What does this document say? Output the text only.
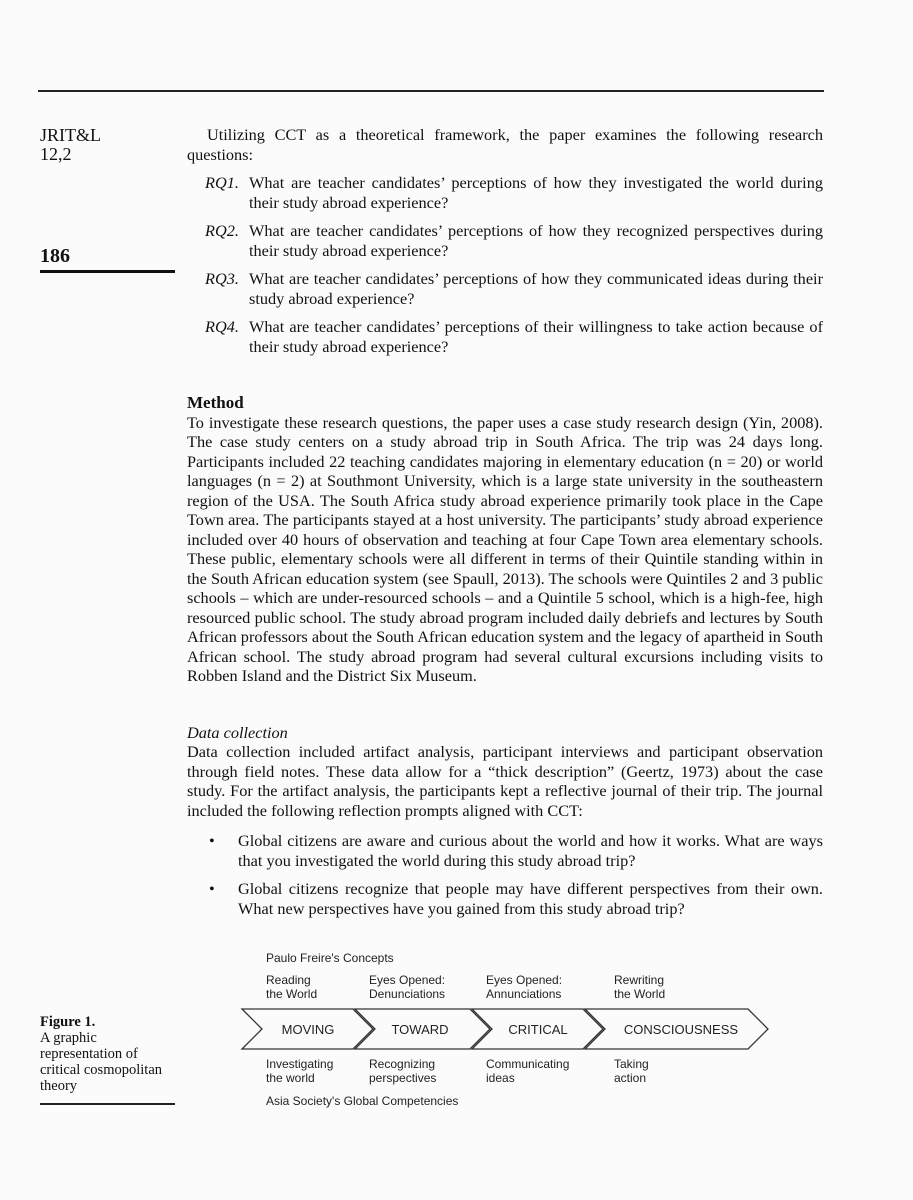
JRIT&L
12,2
186

Utilizing CCT as a theoretical framework, the paper examines the following research questions:

RQ1. What are teacher candidates’ perceptions of how they investigated the world during their study abroad experience?
RQ2. What are teacher candidates’ perceptions of how they recognized perspectives during their study abroad experience?
RQ3. What are teacher candidates’ perceptions of how they communicated ideas during their study abroad experience?
RQ4. What are teacher candidates’ perceptions of their willingness to take action because of their study abroad experience?
Method

To investigate these research questions, the paper uses a case study research design (Yin, 2008). The case study centers on a study abroad trip in South Africa. The trip was 24 days long. Participants included 22 teaching candidates majoring in elementary education (n = 20) or world languages (n = 2) at Southmont University, which is a large state university in the southeastern region of the USA. The South Africa study abroad experience primarily took place in the Cape Town area. The participants stayed at a host university. The participants’ study abroad experience included over 40 hours of observation and teaching at four Cape Town area elementary schools. These public, elementary schools were all different in terms of their Quintile standing within in the South African education system (see Spaull, 2013). The schools were Quintiles 2 and 3 public schools – which are under-resourced schools – and a Quintile 5 school, which is a high-fee, high resourced public school. The study abroad program included daily debriefs and lectures by South African professors about the South African education system and the legacy of apartheid in South African school. The study abroad program had several cultural excursions including visits to Robben Island and the District Six Museum.

Data collection

Data collection included artifact analysis, participant interviews and participant observation through field notes. These data allow for a “thick description” (Geertz, 1973) about the case study. For the artifact analysis, the participants kept a reflective journal of their trip. The journal included the following reflection prompts aligned with CCT:

•	Global citizens are aware and curious about the world and how it works. What are ways that you investigated the world during this study abroad trip?
•	Global citizens recognize that people may have different perspectives from their own. What new perspectives have you gained from this study abroad trip?
Paulo Freire's Concepts
Reading
the World
Eyes Opened:
Denunciations
Eyes Opened:
Annunciations
Rewriting
the World
MOVING	TOWARD	CRITICAL	CONSCIOUSNESS
Investigating
the world
Recognizing
perspectives
Communicating
ideas
Taking
action
Asia Society's Global Competencies
Figure 1.
A graphic representation of critical cosmopolitan theory
